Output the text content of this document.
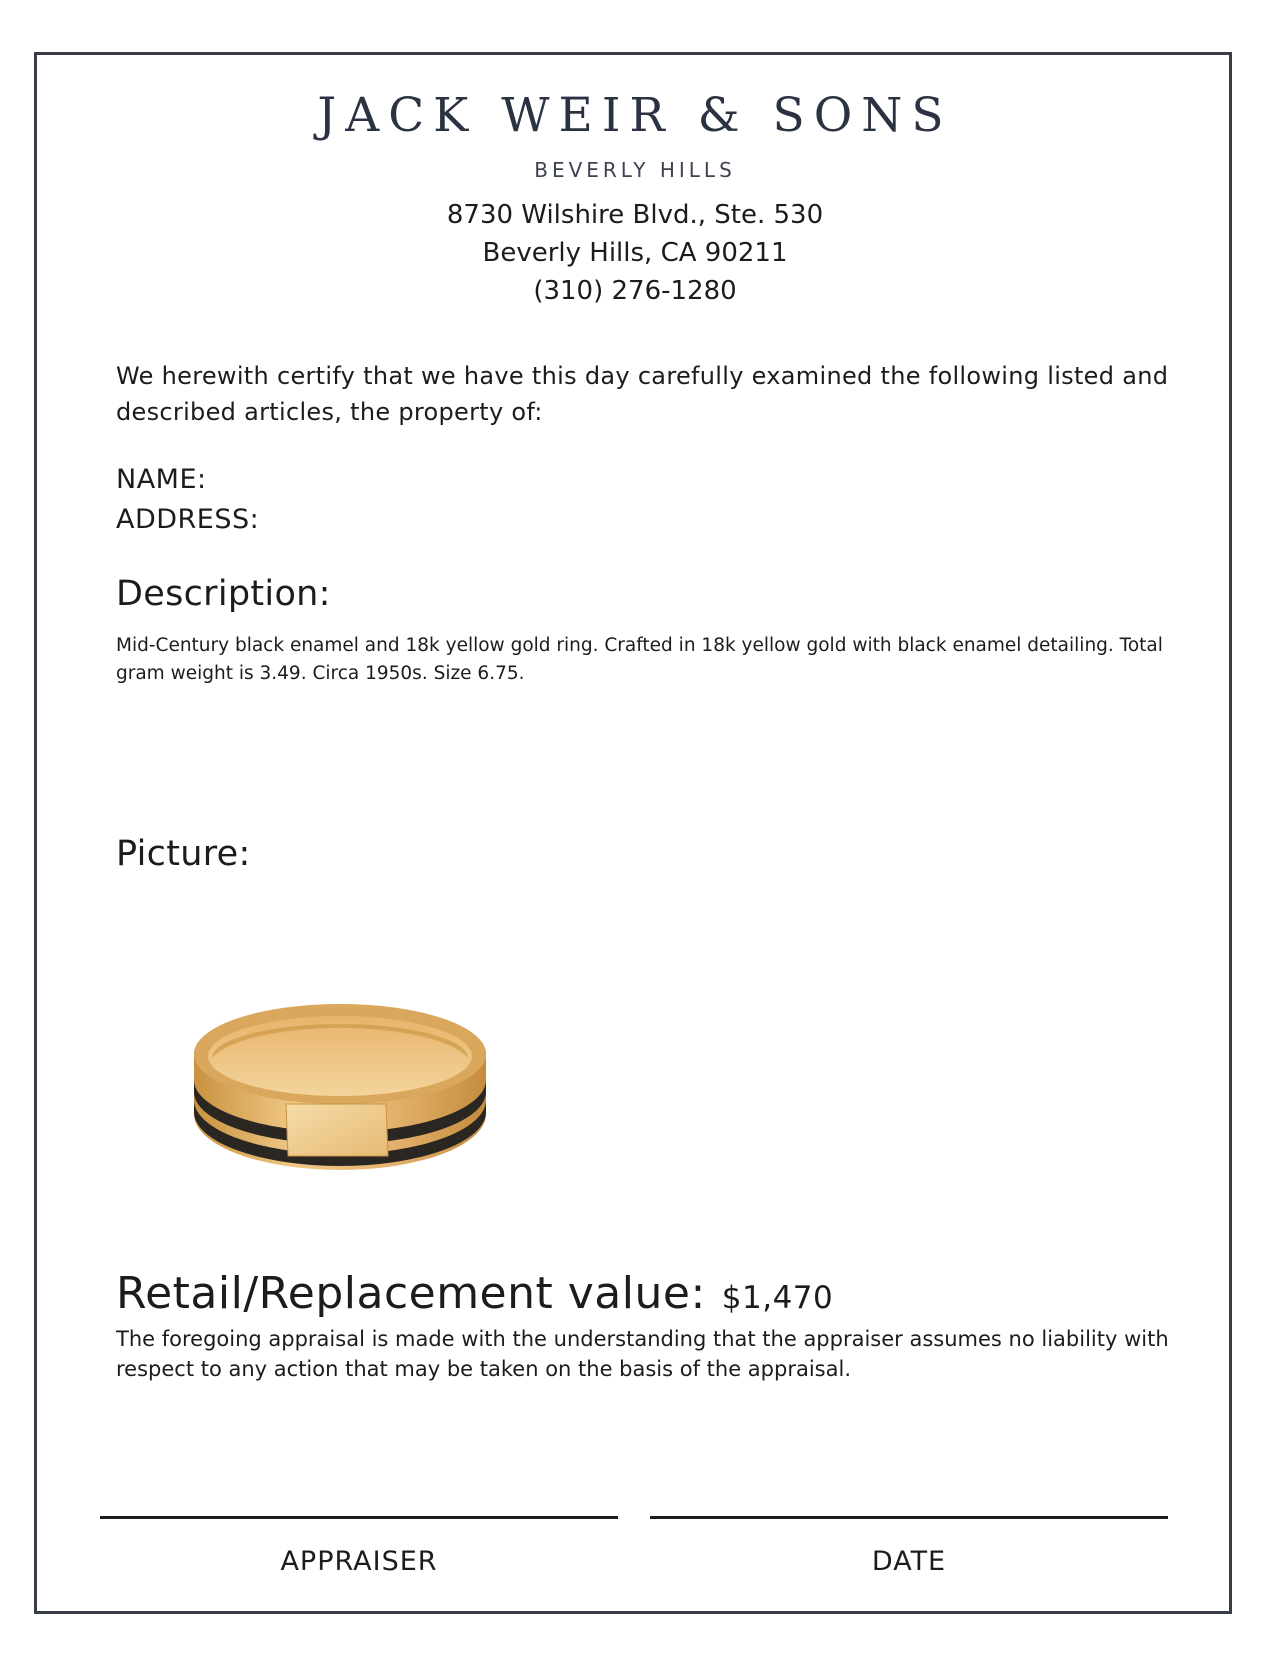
JACK WEIR & SONS
BEVERLY HILLS
8730 Wilshire Blvd., Ste. 530
Beverly Hills, CA 90211
(310) 276-1280
We herewith certify that we have this day carefully examined the following listed and described articles, the property of:
NAME:
ADDRESS:
Description:
Mid-Century black enamel and 18k yellow gold ring. Crafted in 18k yellow gold with black enamel detailing. Total gram weight is 3.49. Circa 1950s. Size 6.75.
Picture:
Retail/Replacement value: $1,470
The foregoing appraisal is made with the understanding that the appraiser assumes no liability with respect to any action that may be taken on the basis of the appraisal.
APPRAISER	DATE
